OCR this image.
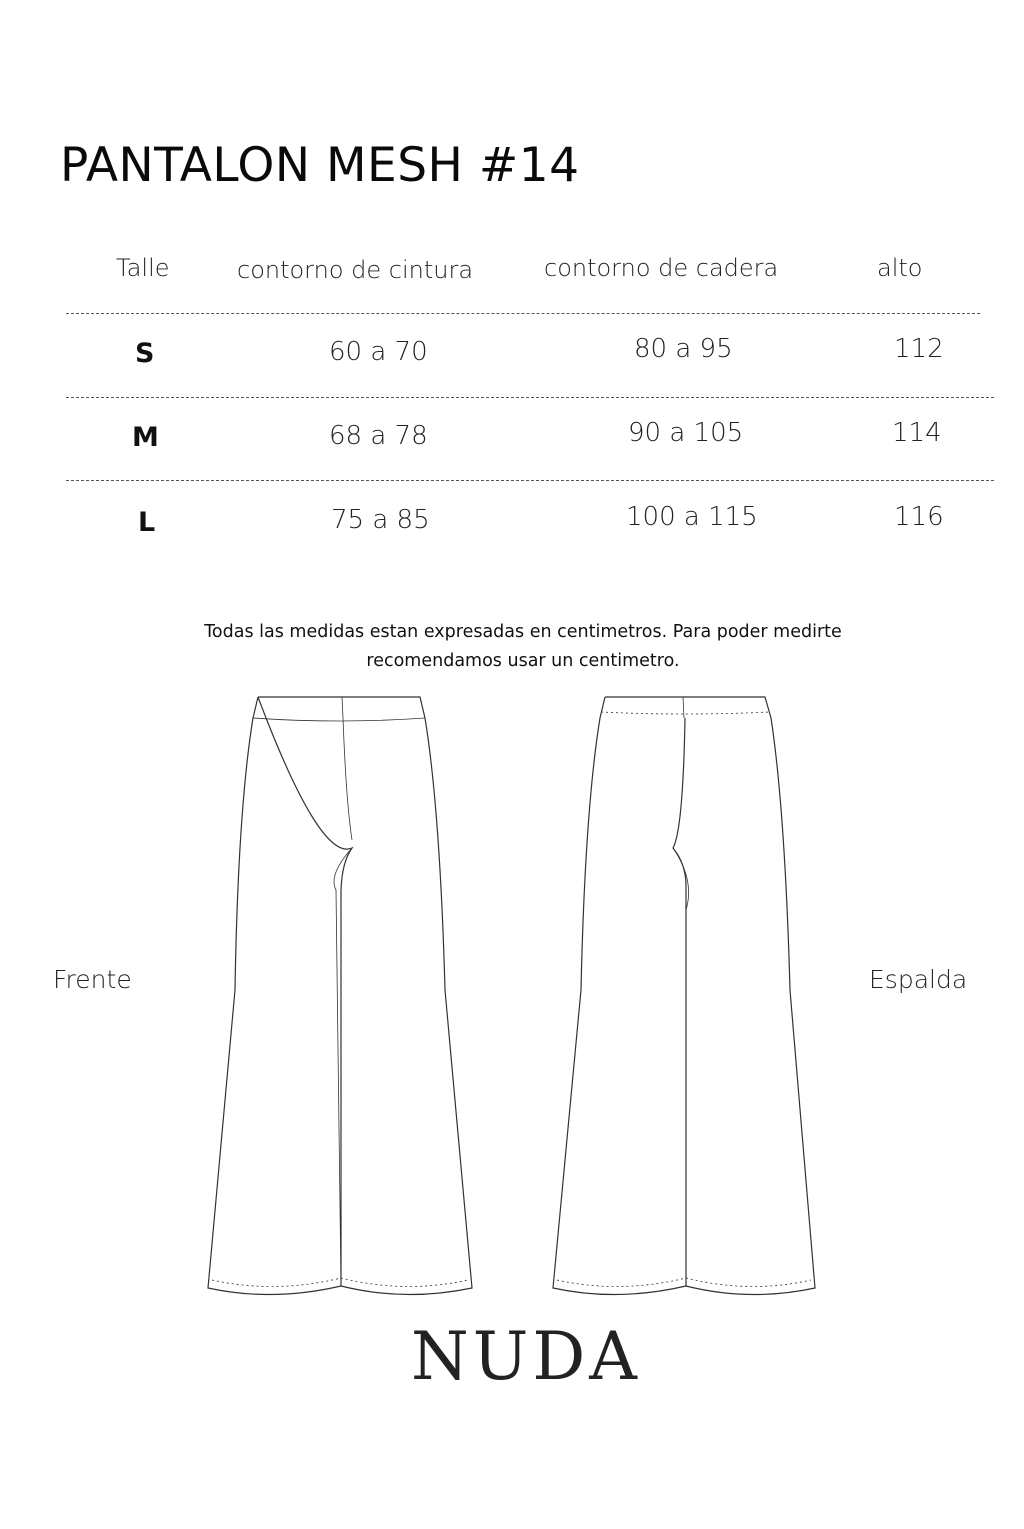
PANTALON MESH #14
Talle	contorno de cintura	contorno de cadera	alto
S	60 a 70	80 a 95	112
M	68 a 78	90 a 105	114
L	75 a 85	100 a 115	116
Todas las medidas estan expresadas en centimetros. Para poder medirte
recomendamos usar un centimetro.
Frente	Espalda
NUDA
